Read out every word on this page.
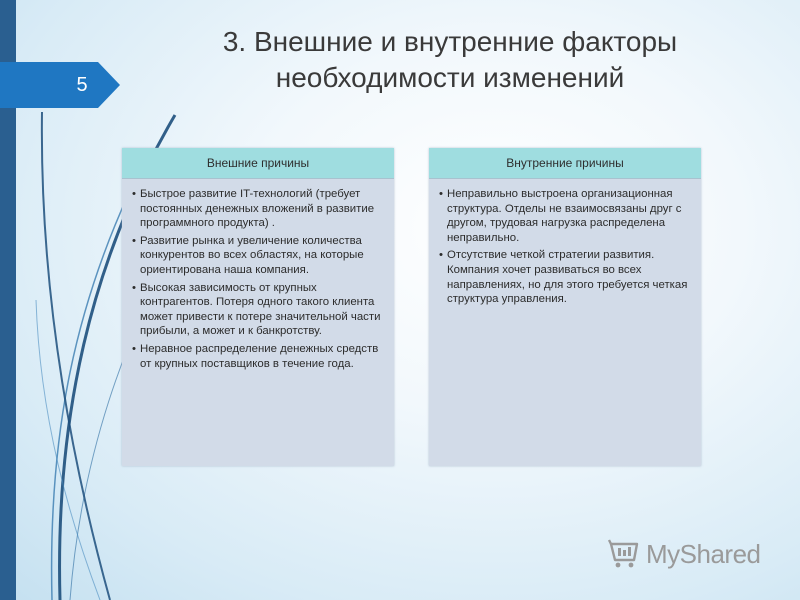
5
3. Внешние и внутренние факторы
необходимости изменений
Внешние причины
• Быстрое развитие IT-технологий (требует постоянных денежных вложений в развитие программного продукта) .
• Развитие рынка и увеличение количества конкурентов во всех областях, на которые ориентирована наша компания.
• Высокая зависимость от крупных контрагентов. Потеря одного такого клиента может привести к потере значительной части прибыли, а может и к банкротству.
• Неравное распределение денежных средств от крупных поставщиков в течение года.
Внутренние причины
• Неправильно выстроена организационная структура. Отделы не взаимосвязаны друг с другом, трудовая нагрузка распределена неправильно.
• Отсутствие четкой стратегии развития. Компания хочет развиваться во всех направлениях, но для этого требуется четкая структура управления.
MyShared
